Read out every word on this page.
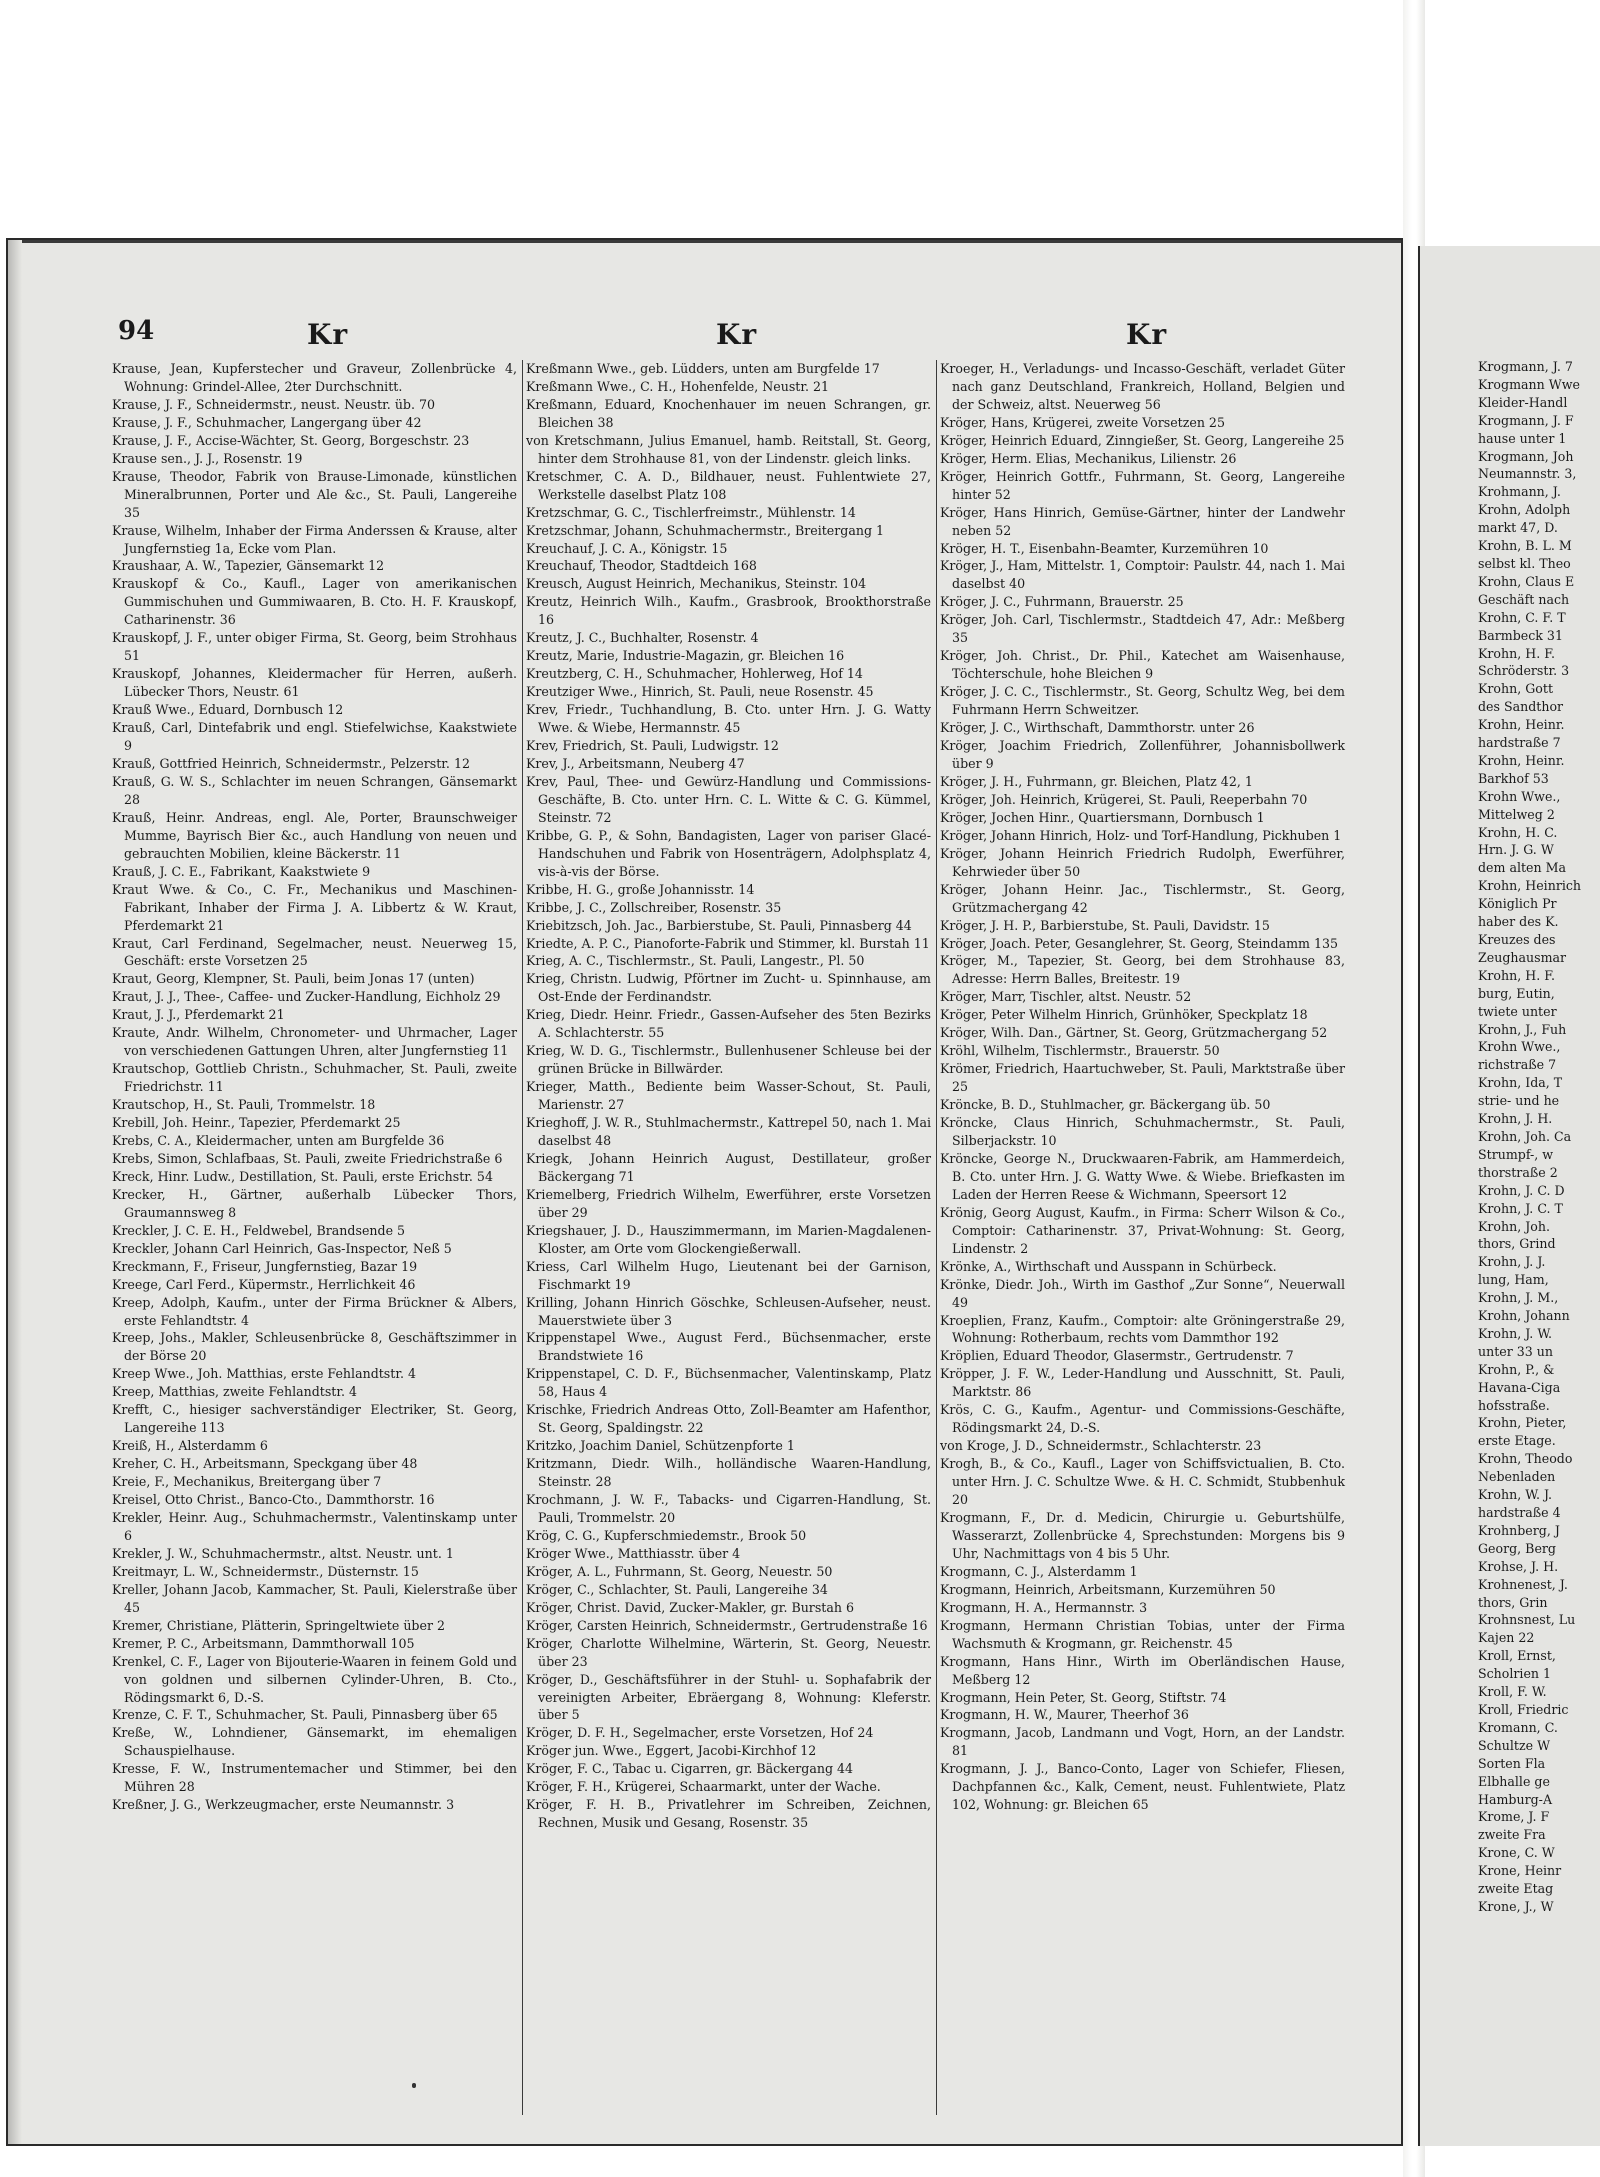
94	Kr	Kr	Kr

Krause, Jean, Kupferstecher und Graveur, Zollenbrücke 4, Wohnung: Grindel-Allee, 2ter Durchschnitt.

Krause, J. F., Schneidermstr., neust. Neustr. üb. 70

Krause, J. F., Schuhmacher, Langergang über 42

Krause, J. F., Accise-Wächter, St. Georg, Borgeschstr. 23

Krause sen., J. J., Rosenstr. 19

Krause, Theodor, Fabrik von Brause-Limonade, künstlichen Mineralbrunnen, Porter und Ale &c., St. Pauli, Langereihe 35

Krause, Wilhelm, Inhaber der Firma Anderssen & Krause, alter Jungfernstieg 1a, Ecke vom Plan.

Kraushaar, A. W., Tapezier, Gänsemarkt 12

Krauskopf & Co., Kaufl., Lager von amerikanischen Gummischuhen und Gummiwaaren, B. Cto. H. F. Krauskopf, Catharinenstr. 36

Krauskopf, J. F., unter obiger Firma, St. Georg, beim Strohhaus 51

Krauskopf, Johannes, Kleidermacher für Herren, außerh. Lübecker Thors, Neustr. 61

Krauß Wwe., Eduard, Dornbusch 12

Krauß, Carl, Dintefabrik und engl. Stiefelwichse, Kaakstwiete 9

Krauß, Gottfried Heinrich, Schneidermstr., Pelzerstr. 12

Krauß, G. W. S., Schlachter im neuen Schrangen, Gänsemarkt 28

Krauß, Heinr. Andreas, engl. Ale, Porter, Braunschweiger Mumme, Bayrisch Bier &c., auch Handlung von neuen und gebrauchten Mobilien, kleine Bäckerstr. 11

Krauß, J. C. E., Fabrikant, Kaakstwiete 9

Kraut Wwe. & Co., C. Fr., Mechanikus und Maschinen-Fabrikant, Inhaber der Firma J. A. Libbertz & W. Kraut, Pferdemarkt 21

Kraut, Carl Ferdinand, Segelmacher, neust. Neuerweg 15, Geschäft: erste Vorsetzen 25

Kraut, Georg, Klempner, St. Pauli, beim Jonas 17 (unten)

Kraut, J. J., Thee-, Caffee- und Zucker-Handlung, Eichholz 29

Kraut, J. J., Pferdemarkt 21

Kraute, Andr. Wilhelm, Chronometer- und Uhrmacher, Lager von verschiedenen Gattungen Uhren, alter Jungfernstieg 11

Krautschop, Gottlieb Christn., Schuhmacher, St. Pauli, zweite Friedrichstr. 11

Krautschop, H., St. Pauli, Trommelstr. 18

Krebill, Joh. Heinr., Tapezier, Pferdemarkt 25

Krebs, C. A., Kleidermacher, unten am Burgfelde 36

Krebs, Simon, Schlafbaas, St. Pauli, zweite Friedrichstraße 6

Kreck, Hinr. Ludw., Destillation, St. Pauli, erste Erichstr. 54

Krecker, H., Gärtner, außerhalb Lübecker Thors, Graumannsweg 8

Kreckler, J. C. E. H., Feldwebel, Brandsende 5

Kreckler, Johann Carl Heinrich, Gas-Inspector, Neß 5

Kreckmann, F., Friseur, Jungfernstieg, Bazar 19

Kreege, Carl Ferd., Küpermstr., Herrlichkeit 46

Kreep, Adolph, Kaufm., unter der Firma Brückner & Albers, erste Fehlandtstr. 4

Kreep, Johs., Makler, Schleusenbrücke 8, Geschäftszimmer in der Börse 20

Kreep Wwe., Joh. Matthias, erste Fehlandtstr. 4

Kreep, Matthias, zweite Fehlandtstr. 4

Krefft, C., hiesiger sachverständiger Electriker, St. Georg, Langereihe 113

Kreiß, H., Alsterdamm 6

Kreher, C. H., Arbeitsmann, Speckgang über 48

Kreie, F., Mechanikus, Breitergang über 7

Kreisel, Otto Christ., Banco-Cto., Dammthorstr. 16

Krekler, Heinr. Aug., Schuhmachermstr., Valentinskamp unter 6

Krekler, J. W., Schuhmachermstr., altst. Neustr. unt. 1

Kreitmayr, L. W., Schneidermstr., Düsternstr. 15

Kreller, Johann Jacob, Kammacher, St. Pauli, Kielerstraße über 45

Kremer, Christiane, Plätterin, Springeltwiete über 2

Kremer, P. C., Arbeitsmann, Dammthorwall 105

Krenkel, C. F., Lager von Bijouterie-Waaren in feinem Gold und von goldnen und silbernen Cylinder-Uhren, B. Cto., Rödingsmarkt 6, D.-S.

Krenze, C. F. T., Schuhmacher, St. Pauli, Pinnasberg über 65

Kreße, W., Lohndiener, Gänsemarkt, im ehemaligen Schauspielhause.

Kresse, F. W., Instrumentemacher und Stimmer, bei den Mühren 28

Kreßner, J. G., Werkzeugmacher, erste Neumannstr. 3

Kreßmann Wwe., geb. Lüdders, unten am Burgfelde 17

Kreßmann Wwe., C. H., Hohenfelde, Neustr. 21

Kreßmann, Eduard, Knochenhauer im neuen Schrangen, gr. Bleichen 38

von Kretschmann, Julius Emanuel, hamb. Reitstall, St. Georg, hinter dem Strohhause 81, von der Lindenstr. gleich links.

Kretschmer, C. A. D., Bildhauer, neust. Fuhlentwiete 27, Werkstelle daselbst Platz 108

Kretzschmar, G. C., Tischlerfreimstr., Mühlenstr. 14

Kretzschmar, Johann, Schuhmachermstr., Breitergang 1

Kreuchauf, J. C. A., Königstr. 15

Kreuchauf, Theodor, Stadtdeich 168

Kreusch, August Heinrich, Mechanikus, Steinstr. 104

Kreutz, Heinrich Wilh., Kaufm., Grasbrook, Brookthorstraße 16

Kreutz, J. C., Buchhalter, Rosenstr. 4

Kreutz, Marie, Industrie-Magazin, gr. Bleichen 16

Kreutzberg, C. H., Schuhmacher, Hohlerweg, Hof 14

Kreutziger Wwe., Hinrich, St. Pauli, neue Rosenstr. 45

Krev, Friedr., Tuchhandlung, B. Cto. unter Hrn. J. G. Watty Wwe. & Wiebe, Hermannstr. 45

Krev, Friedrich, St. Pauli, Ludwigstr. 12

Krev, J., Arbeitsmann, Neuberg 47

Krev, Paul, Thee- und Gewürz-Handlung und Commissions-Geschäfte, B. Cto. unter Hrn. C. L. Witte & C. G. Kümmel, Steinstr. 72

Kribbe, G. P., & Sohn, Bandagisten, Lager von pariser Glacé-Handschuhen und Fabrik von Hosenträgern, Adolphsplatz 4, vis-à-vis der Börse.

Kribbe, H. G., große Johannisstr. 14

Kribbe, J. C., Zollschreiber, Rosenstr. 35

Kriebitzsch, Joh. Jac., Barbierstube, St. Pauli, Pinnasberg 44

Kriedte, A. P. C., Pianoforte-Fabrik und Stimmer, kl. Burstah 11

Krieg, A. C., Tischlermstr., St. Pauli, Langestr., Pl. 50

Krieg, Christn. Ludwig, Pförtner im Zucht- u. Spinnhause, am Ost-Ende der Ferdinandstr.

Krieg, Diedr. Heinr. Friedr., Gassen-Aufseher des 5ten Bezirks A. Schlachterstr. 55

Krieg, W. D. G., Tischlermstr., Bullenhusener Schleuse bei der grünen Brücke in Billwärder.

Krieger, Matth., Bediente beim Wasser-Schout, St. Pauli, Marienstr. 27

Krieghoff, J. W. R., Stuhlmachermstr., Kattrepel 50, nach 1. Mai daselbst 48

Kriegk, Johann Heinrich August, Destillateur, großer Bäckergang 71

Kriemelberg, Friedrich Wilhelm, Ewerführer, erste Vorsetzen über 29

Kriegshauer, J. D., Hauszimmermann, im Marien-Magdalenen-Kloster, am Orte vom Glockengießerwall.

Kriess, Carl Wilhelm Hugo, Lieutenant bei der Garnison, Fischmarkt 19

Krilling, Johann Hinrich Göschke, Schleusen-Aufseher, neust. Mauerstwiete über 3

Krippenstapel Wwe., August Ferd., Büchsenmacher, erste Brandstwiete 16

Krippenstapel, C. D. F., Büchsenmacher, Valentinskamp, Platz 58, Haus 4

Krischke, Friedrich Andreas Otto, Zoll-Beamter am Hafenthor, St. Georg, Spaldingstr. 22

Kritzko, Joachim Daniel, Schützenpforte 1

Kritzmann, Diedr. Wilh., holländische Waaren-Handlung, Steinstr. 28

Krochmann, J. W. F., Tabacks- und Cigarren-Handlung, St. Pauli, Trommelstr. 20

Krög, C. G., Kupferschmiedemstr., Brook 50

Kröger Wwe., Matthiasstr. über 4

Kröger, A. L., Fuhrmann, St. Georg, Neuestr. 50

Kröger, C., Schlachter, St. Pauli, Langereihe 34

Kröger, Christ. David, Zucker-Makler, gr. Burstah 6

Kröger, Carsten Heinrich, Schneidermstr., Gertrudenstraße 16

Kröger, Charlotte Wilhelmine, Wärterin, St. Georg, Neuestr. über 23

Kröger, D., Geschäftsführer in der Stuhl- u. Sophafabrik der vereinigten Arbeiter, Ebräergang 8, Wohnung: Kleferstr. über 5

Kröger, D. F. H., Segelmacher, erste Vorsetzen, Hof 24

Kröger jun. Wwe., Eggert, Jacobi-Kirchhof 12

Kröger, F. C., Tabac u. Cigarren, gr. Bäckergang 44

Kröger, F. H., Krügerei, Schaarmarkt, unter der Wache.

Kröger, F. H. B., Privatlehrer im Schreiben, Zeichnen, Rechnen, Musik und Gesang, Rosenstr. 35

Kroeger, H., Verladungs- und Incasso-Geschäft, verladet Güter nach ganz Deutschland, Frankreich, Holland, Belgien und der Schweiz, altst. Neuerweg 56

Kröger, Hans, Krügerei, zweite Vorsetzen 25

Kröger, Heinrich Eduard, Zinngießer, St. Georg, Langereihe 25

Kröger, Herm. Elias, Mechanikus, Lilienstr. 26

Kröger, Heinrich Gottfr., Fuhrmann, St. Georg, Langereihe hinter 52

Kröger, Hans Hinrich, Gemüse-Gärtner, hinter der Landwehr neben 52

Kröger, H. T., Eisenbahn-Beamter, Kurzemühren 10

Kröger, J., Ham, Mittelstr. 1, Comptoir: Paulstr. 44, nach 1. Mai daselbst 40

Kröger, J. C., Fuhrmann, Brauerstr. 25

Kröger, Joh. Carl, Tischlermstr., Stadtdeich 47, Adr.: Meßberg 35

Kröger, Joh. Christ., Dr. Phil., Katechet am Waisenhause, Töchterschule, hohe Bleichen 9

Kröger, J. C. C., Tischlermstr., St. Georg, Schultz Weg, bei dem Fuhrmann Herrn Schweitzer.

Kröger, J. C., Wirthschaft, Dammthorstr. unter 26

Kröger, Joachim Friedrich, Zollenführer, Johannisbollwerk über 9

Kröger, J. H., Fuhrmann, gr. Bleichen, Platz 42, 1

Kröger, Joh. Heinrich, Krügerei, St. Pauli, Reeperbahn 70

Kröger, Jochen Hinr., Quartiersmann, Dornbusch 1

Kröger, Johann Hinrich, Holz- und Torf-Handlung, Pickhuben 1

Kröger, Johann Heinrich Friedrich Rudolph, Ewerführer, Kehrwieder über 50

Kröger, Johann Heinr. Jac., Tischlermstr., St. Georg, Grützmachergang 42

Kröger, J. H. P., Barbierstube, St. Pauli, Davidstr. 15

Kröger, Joach. Peter, Gesanglehrer, St. Georg, Steindamm 135

Kröger, M., Tapezier, St. Georg, bei dem Strohhause 83, Adresse: Herrn Balles, Breitestr. 19

Kröger, Marr, Tischler, altst. Neustr. 52

Kröger, Peter Wilhelm Hinrich, Grünhöker, Speckplatz 18

Kröger, Wilh. Dan., Gärtner, St. Georg, Grützmachergang 52

Kröhl, Wilhelm, Tischlermstr., Brauerstr. 50

Krömer, Friedrich, Haartuchweber, St. Pauli, Marktstraße über 25

Kröncke, B. D., Stuhlmacher, gr. Bäckergang üb. 50

Kröncke, Claus Hinrich, Schuhmachermstr., St. Pauli, Silberjackstr. 10

Kröncke, George N., Druckwaaren-Fabrik, am Hammerdeich, B. Cto. unter Hrn. J. G. Watty Wwe. & Wiebe. Briefkasten im Laden der Herren Reese & Wichmann, Speersort 12

Krönig, Georg August, Kaufm., in Firma: Scherr Wilson & Co., Comptoir: Catharinenstr. 37, Privat-Wohnung: St. Georg, Lindenstr. 2

Krönke, A., Wirthschaft und Ausspann in Schürbeck.

Krönke, Diedr. Joh., Wirth im Gasthof „Zur Sonne“, Neuerwall 49

Kroeplien, Franz, Kaufm., Comptoir: alte Gröningerstraße 29, Wohnung: Rotherbaum, rechts vom Dammthor 192

Kröplien, Eduard Theodor, Glasermstr., Gertrudenstr. 7

Kröpper, J. F. W., Leder-Handlung und Ausschnitt, St. Pauli, Marktstr. 86

Krös, C. G., Kaufm., Agentur- und Commissions-Geschäfte, Rödingsmarkt 24, D.-S.

von Kroge, J. D., Schneidermstr., Schlachterstr. 23

Krogh, B., & Co., Kaufl., Lager von Schiffsvictualien, B. Cto. unter Hrn. J. C. Schultze Wwe. & H. C. Schmidt, Stubbenhuk 20

Krogmann, F., Dr. d. Medicin, Chirurgie u. Geburtshülfe, Wasserarzt, Zollenbrücke 4, Sprechstunden: Morgens bis 9 Uhr, Nachmittags von 4 bis 5 Uhr.

Krogmann, C. J., Alsterdamm 1

Krogmann, Heinrich, Arbeitsmann, Kurzemühren 50

Krogmann, H. A., Hermannstr. 3

Krogmann, Hermann Christian Tobias, unter der Firma Wachsmuth & Krogmann, gr. Reichenstr. 45

Krogmann, Hans Hinr., Wirth im Oberländischen Hause, Meßberg 12

Krogmann, Hein Peter, St. Georg, Stiftstr. 74

Krogmann, H. W., Maurer, Theerhof 36

Krogmann, Jacob, Landmann und Vogt, Horn, an der Landstr. 81

Krogmann, J. J., Banco-Conto, Lager von Schiefer, Fliesen, Dachpfannen &c., Kalk, Cement, neust. Fuhlentwiete, Platz 102, Wohnung: gr. Bleichen 65

Krogmann, J. 7
Krogmann Wwe
Kleider-Handl
Krogmann, J. F
hause unter 1
Krogmann, Joh
Neumannstr. 3,
Krohmann, J.
Krohn, Adolph
markt 47, D.
Krohn, B. L. M
selbst kl. Theo
Krohn, Claus E
Geschäft nach
Krohn, C. F. T
Barmbeck 31
Krohn, H. F.
Schröderstr. 3
Krohn, Gott
des Sandthor
Krohn, Heinr.
hardstraße 7
Krohn, Heinr.
Barkhof 53
Krohn Wwe.,
Mittelweg 2
Krohn, H. C.
Hrn. J. G. W
dem alten Ma
Krohn, Heinrich
Königlich Pr
haber des K.
Kreuzes des
Zeughausmar
Krohn, H. F.
burg, Eutin,
twiete unter
Krohn, J., Fuh
Krohn Wwe.,
richstraße 7
Krohn, Ida, T
strie- und he
Krohn, J. H.
Krohn, Joh. Ca
Strumpf-, w
thorstraße 2
Krohn, J. C. D
Krohn, J. C. T
Krohn, Joh.
thors, Grind
Krohn, J. J.
lung, Ham,
Krohn, J. M.,
Krohn, Johann
Krohn, J. W.
unter 33 un
Krohn, P., &
Havana-Ciga
hofsstraße.
Krohn, Pieter,
erste Etage.
Krohn, Theodo
Nebenladen
Krohn, W. J.
hardstraße 4
Krohnberg, J
Georg, Berg
Krohse, J. H.
Krohnenest, J.
thors, Grin
Krohnsnest, Lu
Kajen 22
Kroll, Ernst,
Scholrien 1
Kroll, F. W.
Kroll, Friedric
Kromann, C.
Schultze W
Sorten Fla
Elbhalle ge
Hamburg-A
Krome, J. F
zweite Fra
Krone, C. W
Krone, Heinr
zweite Etag
Krone, J., W
